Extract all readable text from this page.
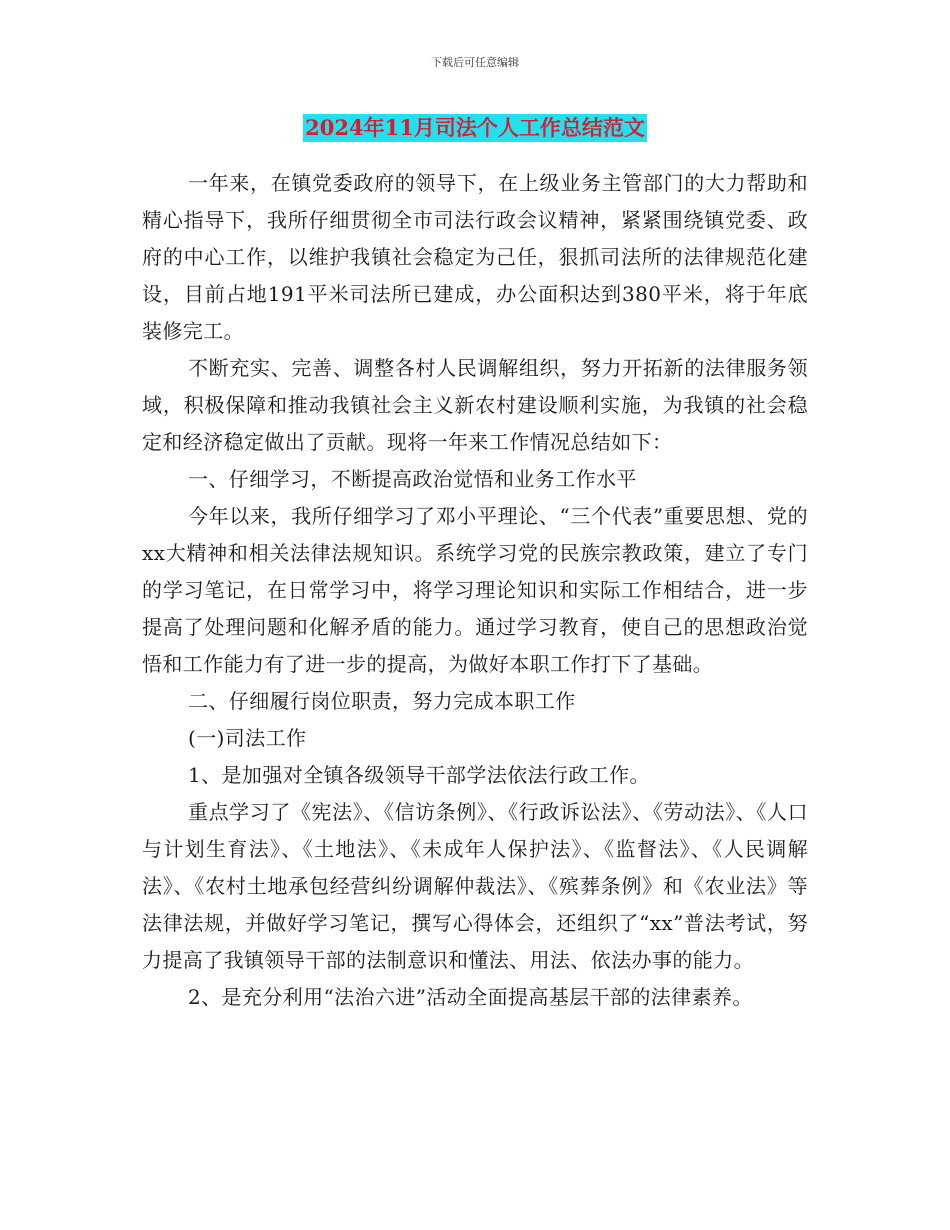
下载后可任意编辑
2024年11月司法个人工作总结范文

一年来，在镇党委政府的领导下，在上级业务主管部门的大力帮助和精心指导下，我所仔细贯彻全市司法行政会议精神，紧紧围绕镇党委、政府的中心工作，以维护我镇社会稳定为己任，狠抓司法所的法律规范化建设，目前占地191平米司法所已建成，办公面积达到380平米，将于年底装修完工。

不断充实、完善、调整各村人民调解组织，努力开拓新的法律服务领域，积极保障和推动我镇社会主义新农村建设顺利实施，为我镇的社会稳定和经济稳定做出了贡献。现将一年来工作情况总结如下：

一、仔细学习，不断提高政治觉悟和业务工作水平

今年以来，我所仔细学习了邓小平理论、“三个代表”重要思想、党的xx大精神和相关法律法规知识。系统学习党的民族宗教政策，建立了专门的学习笔记，在日常学习中，将学习理论知识和实际工作相结合，进一步提高了处理问题和化解矛盾的能力。通过学习教育，使自己的思想政治觉悟和工作能力有了进一步的提高，为做好本职工作打下了基础。

二、仔细履行岗位职责，努力完成本职工作

(一)司法工作

1、是加强对全镇各级领导干部学法依法行政工作。

重点学习了《宪法》、《信访条例》、《行政诉讼法》、《劳动法》、《人口与计划生育法》、《土地法》、《未成年人保护法》、《监督法》、《人民调解法》、《农村土地承包经营纠纷调解仲裁法》、《殡葬条例》和《农业法》等法律法规，并做好学习笔记，撰写心得体会，还组织了“xx”普法考试，努力提高了我镇领导干部的法制意识和懂法、用法、依法办事的能力。

2、是充分利用“法治六进”活动全面提高基层干部的法律素养。
